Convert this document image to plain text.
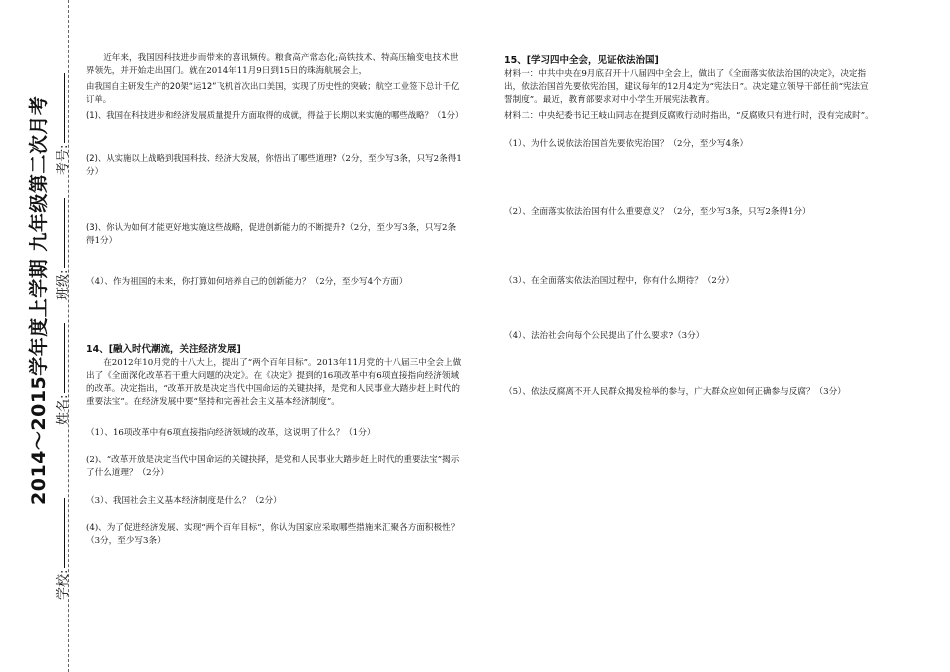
2014～2015学年度上学期 九年级第二次月考
学校:
姓名:
班级:
考号:

近年来，我国因科技进步而带来的喜讯频传。粮食高产常态化;高铁技术、特高压输变电技术世界领先，并开始走出国门。就在2014年11月9日到15日的珠海航展会上，

由我国自主研发生产的20架“运12”飞机首次出口美国，实现了历史性的突破；航空工业签下总计千亿订单。

(1)、我国在科技进步和经济发展质量提升方面取得的成就，得益于长期以来实施的哪些战略？（1分）

(2)、从实施以上战略到我国科技、经济大发展，你悟出了哪些道理?（2分，至少写3条，只写2条得1分）

(3)、你认为如何才能更好地实施这些战略，促进创新能力的不断提升?（2分，至少写3条，只写2条得1分）

（4）、作为祖国的未来，你打算如何培养自己的创新能力？（2分，至少写4个方面）

14、[融入时代潮流，关注经济发展]

在2012年10月党的十八大上，提出了“两个百年目标”。2013年11月党的十八届三中全会上做出了《全面深化改革若干重大问题的决定》。在《决定》提到的16项改革中有6项直接指向经济领域的改革。决定指出，“改革开放是决定当代中国命运的关键抉择，是党和人民事业大踏步赶上时代的重要法宝”。在经济发展中要“坚持和完善社会主义基本经济制度”。

（1）、16项改革中有6项直接指向经济领域的改革，这说明了什么？（1分）

(2)、“改革开放是决定当代中国命运的关键抉择，是党和人民事业大踏步赶上时代的重要法宝”揭示了什么道理？（2分）

（3）、我国社会主义基本经济制度是什么？（2分）

(4)、为了促进经济发展、实现“两个百年目标”，你认为国家应采取哪些措施来汇聚各方面积极性？（3分，至少写3条）

15、[学习四中全会，见证依法治国]

材料一：中共中央在9月底召开十八届四中全会上，做出了《全面落实依法治国的决定》，决定指出，依法治国首先要依宪治国，建议每年的12月4定为“宪法日”。决定建立领导干部任前“宪法宣誓制度”。最近，教育部要求对中小学生开展宪法教育。

材料二：中央纪委书记王岐山同志在提到反腐败行动时指出，“反腐败只有进行时，没有完成时”。

（1）、为什么说依法治国首先要依宪治国？（2分，至少写4条）

（2）、全面落实依法治国有什么重要意义？（2分，至少写3条，只写2条得1分）

（3）、在全面落实依法治国过程中，你有什么期待？（2分）

（4）、法治社会向每个公民提出了什么要求?（3分）

（5）、依法反腐离不开人民群众揭发检举的参与，广大群众应如何正确参与反腐？（3分）
